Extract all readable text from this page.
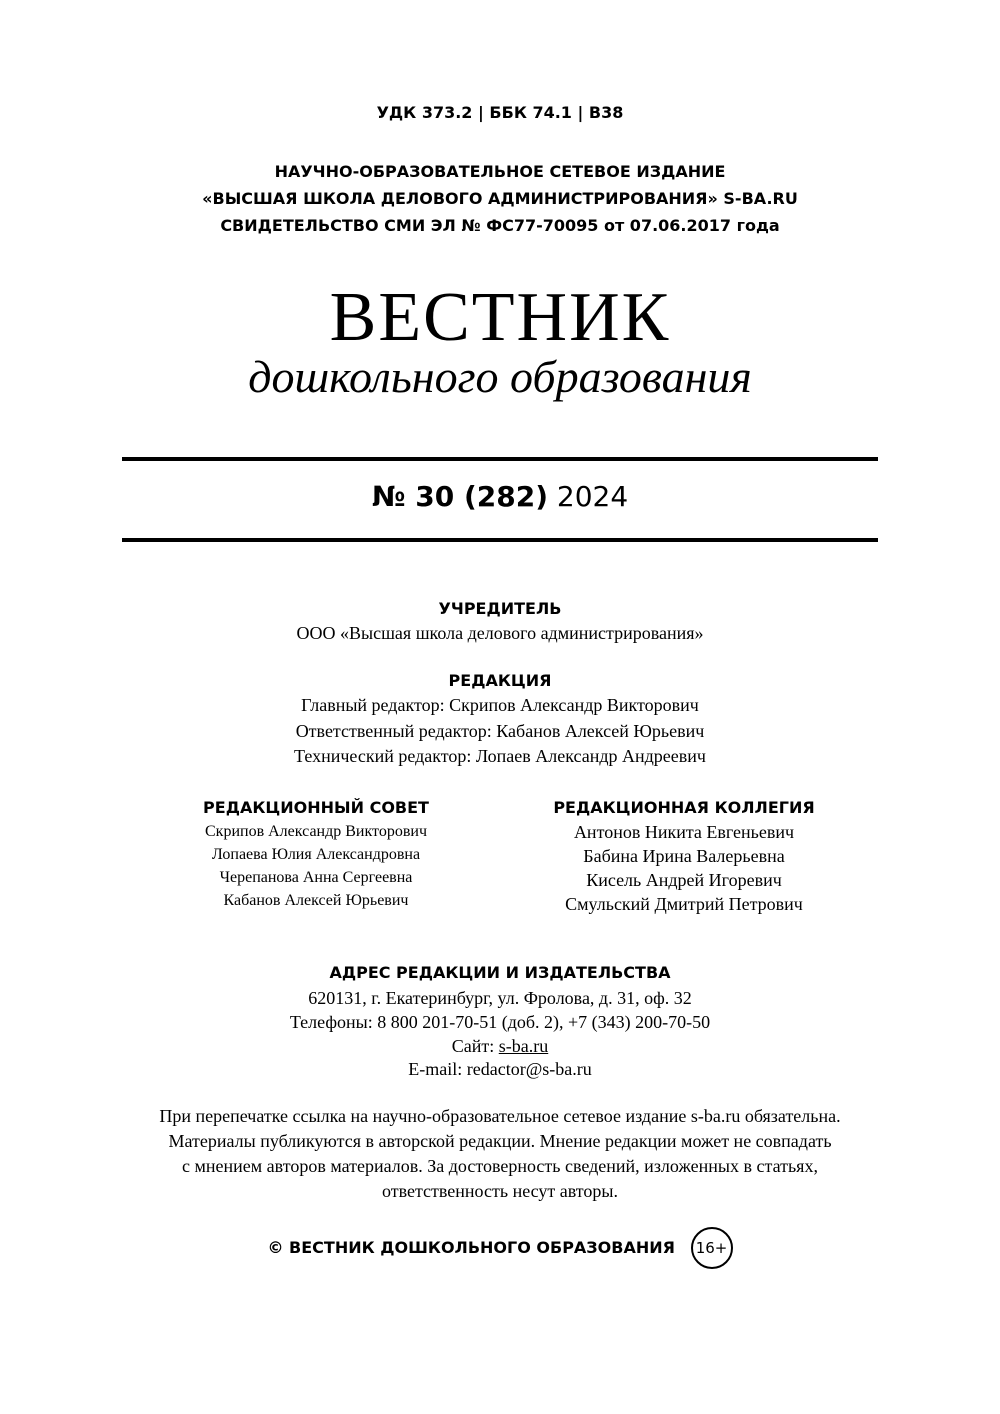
УДК 373.2 | ББК 74.1 | В38
НАУЧНО-ОБРАЗОВАТЕЛЬНОЕ СЕТЕВОЕ ИЗДАНИЕ
«ВЫСШАЯ ШКОЛА ДЕЛОВОГО АДМИНИСТРИРОВАНИЯ» S-BA.RU
СВИДЕТЕЛЬСТВО СМИ ЭЛ № ФС77-70095 от 07.06.2017 года
ВЕСТНИК
дошкольного образования
№ 30 (282) 2024
УЧРЕДИТЕЛЬ
ООО «Высшая школа делового администрирования»
РЕДАКЦИЯ
Главный редактор: Скрипов Александр Викторович
Ответственный редактор: Кабанов Алексей Юрьевич
Технический редактор: Лопаев Александр Андреевич
РЕДАКЦИОННЫЙ СОВЕТ
Скрипов Александр Викторович
Лопаева Юлия Александровна
Черепанова Анна Сергеевна
Кабанов Алексей Юрьевич
РЕДАКЦИОННАЯ КОЛЛЕГИЯ
Антонов Никита Евгеньевич
Бабина Ирина Валерьевна
Кисель Андрей Игоревич
Смульский Дмитрий Петрович
АДРЕС РЕДАКЦИИ И ИЗДАТЕЛЬСТВА
620131, г. Екатеринбург, ул. Фролова, д. 31, оф. 32
Телефоны: 8 800 201-70-51 (доб. 2), +7 (343) 200-70-50
Сайт: s-ba.ru
E-mail: redactor@s-ba.ru
При перепечатке ссылка на научно-образовательное сетевое издание s-ba.ru обязательна.
Материалы публикуются в авторской редакции. Мнение редакции может не совпадать
с мнением авторов материалов. За достоверность сведений, изложенных в статьях,
ответственность несут авторы.
© ВЕСТНИК ДОШКОЛЬНОГО ОБРАЗОВАНИЯ 16+
